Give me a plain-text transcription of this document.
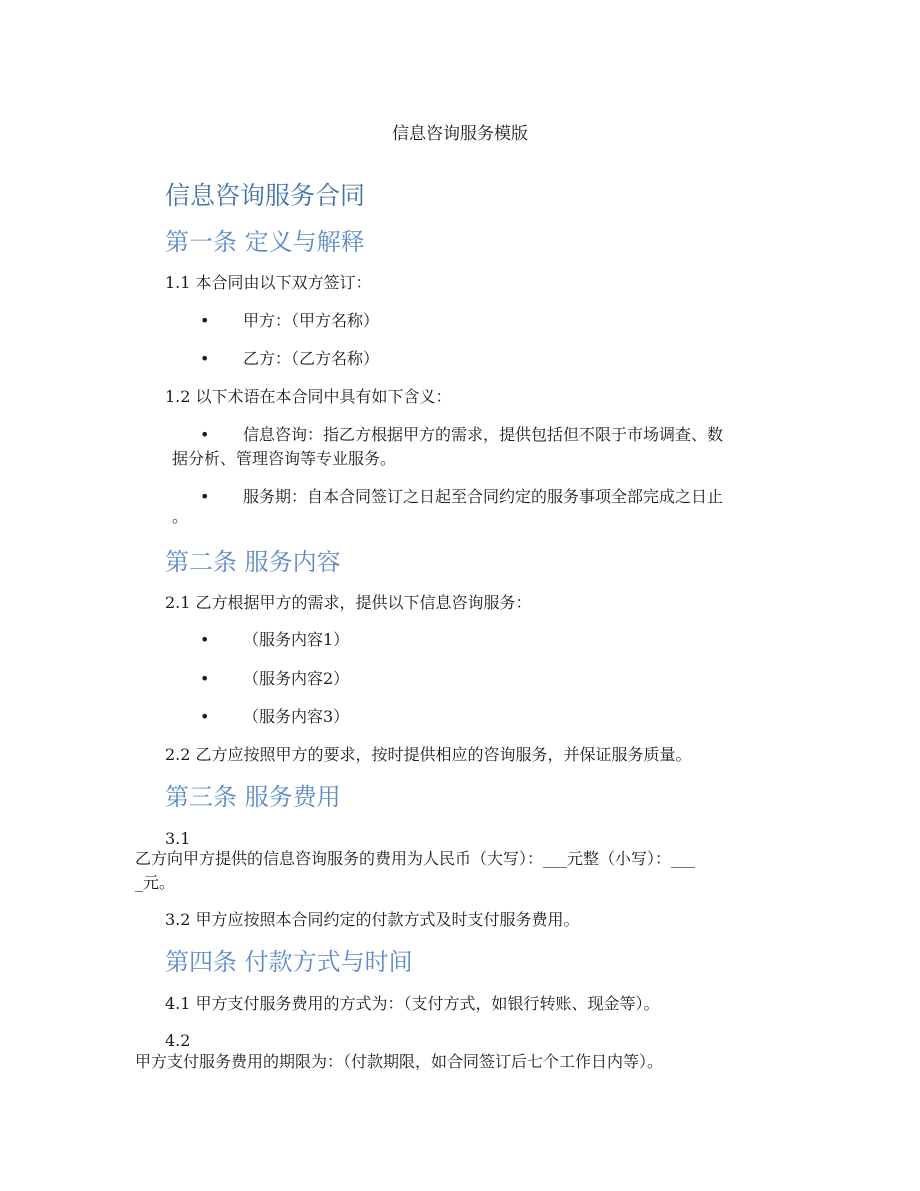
信息咨询服务模版
信息咨询服务合同
第一条 定义与解释
1.1 本合同由以下双方签订：
• 甲方：（甲方名称）
• 乙方：（乙方名称）
1.2 以下术语在本合同中具有如下含义：
• 信息咨询：指乙方根据甲方的需求，提供包括但不限于市场调查、数
据分析、管理咨询等专业服务。
• 服务期：自本合同签订之日起至合同约定的服务事项全部完成之日止
。
第二条 服务内容
2.1 乙方根据甲方的需求，提供以下信息咨询服务：
• （服务内容1）
• （服务内容2）
• （服务内容3）
2.2 乙方应按照甲方的要求，按时提供相应的咨询服务，并保证服务质量。
第三条 服务费用
3.1
乙方向甲方提供的信息咨询服务的费用为人民币（大写）：___元整（小写）：___
_元。
3.2 甲方应按照本合同约定的付款方式及时支付服务费用。
第四条 付款方式与时间
4.1 甲方支付服务费用的方式为：（支付方式，如银行转账、现金等）。
4.2
甲方支付服务费用的期限为：（付款期限，如合同签订后七个工作日内等）。
